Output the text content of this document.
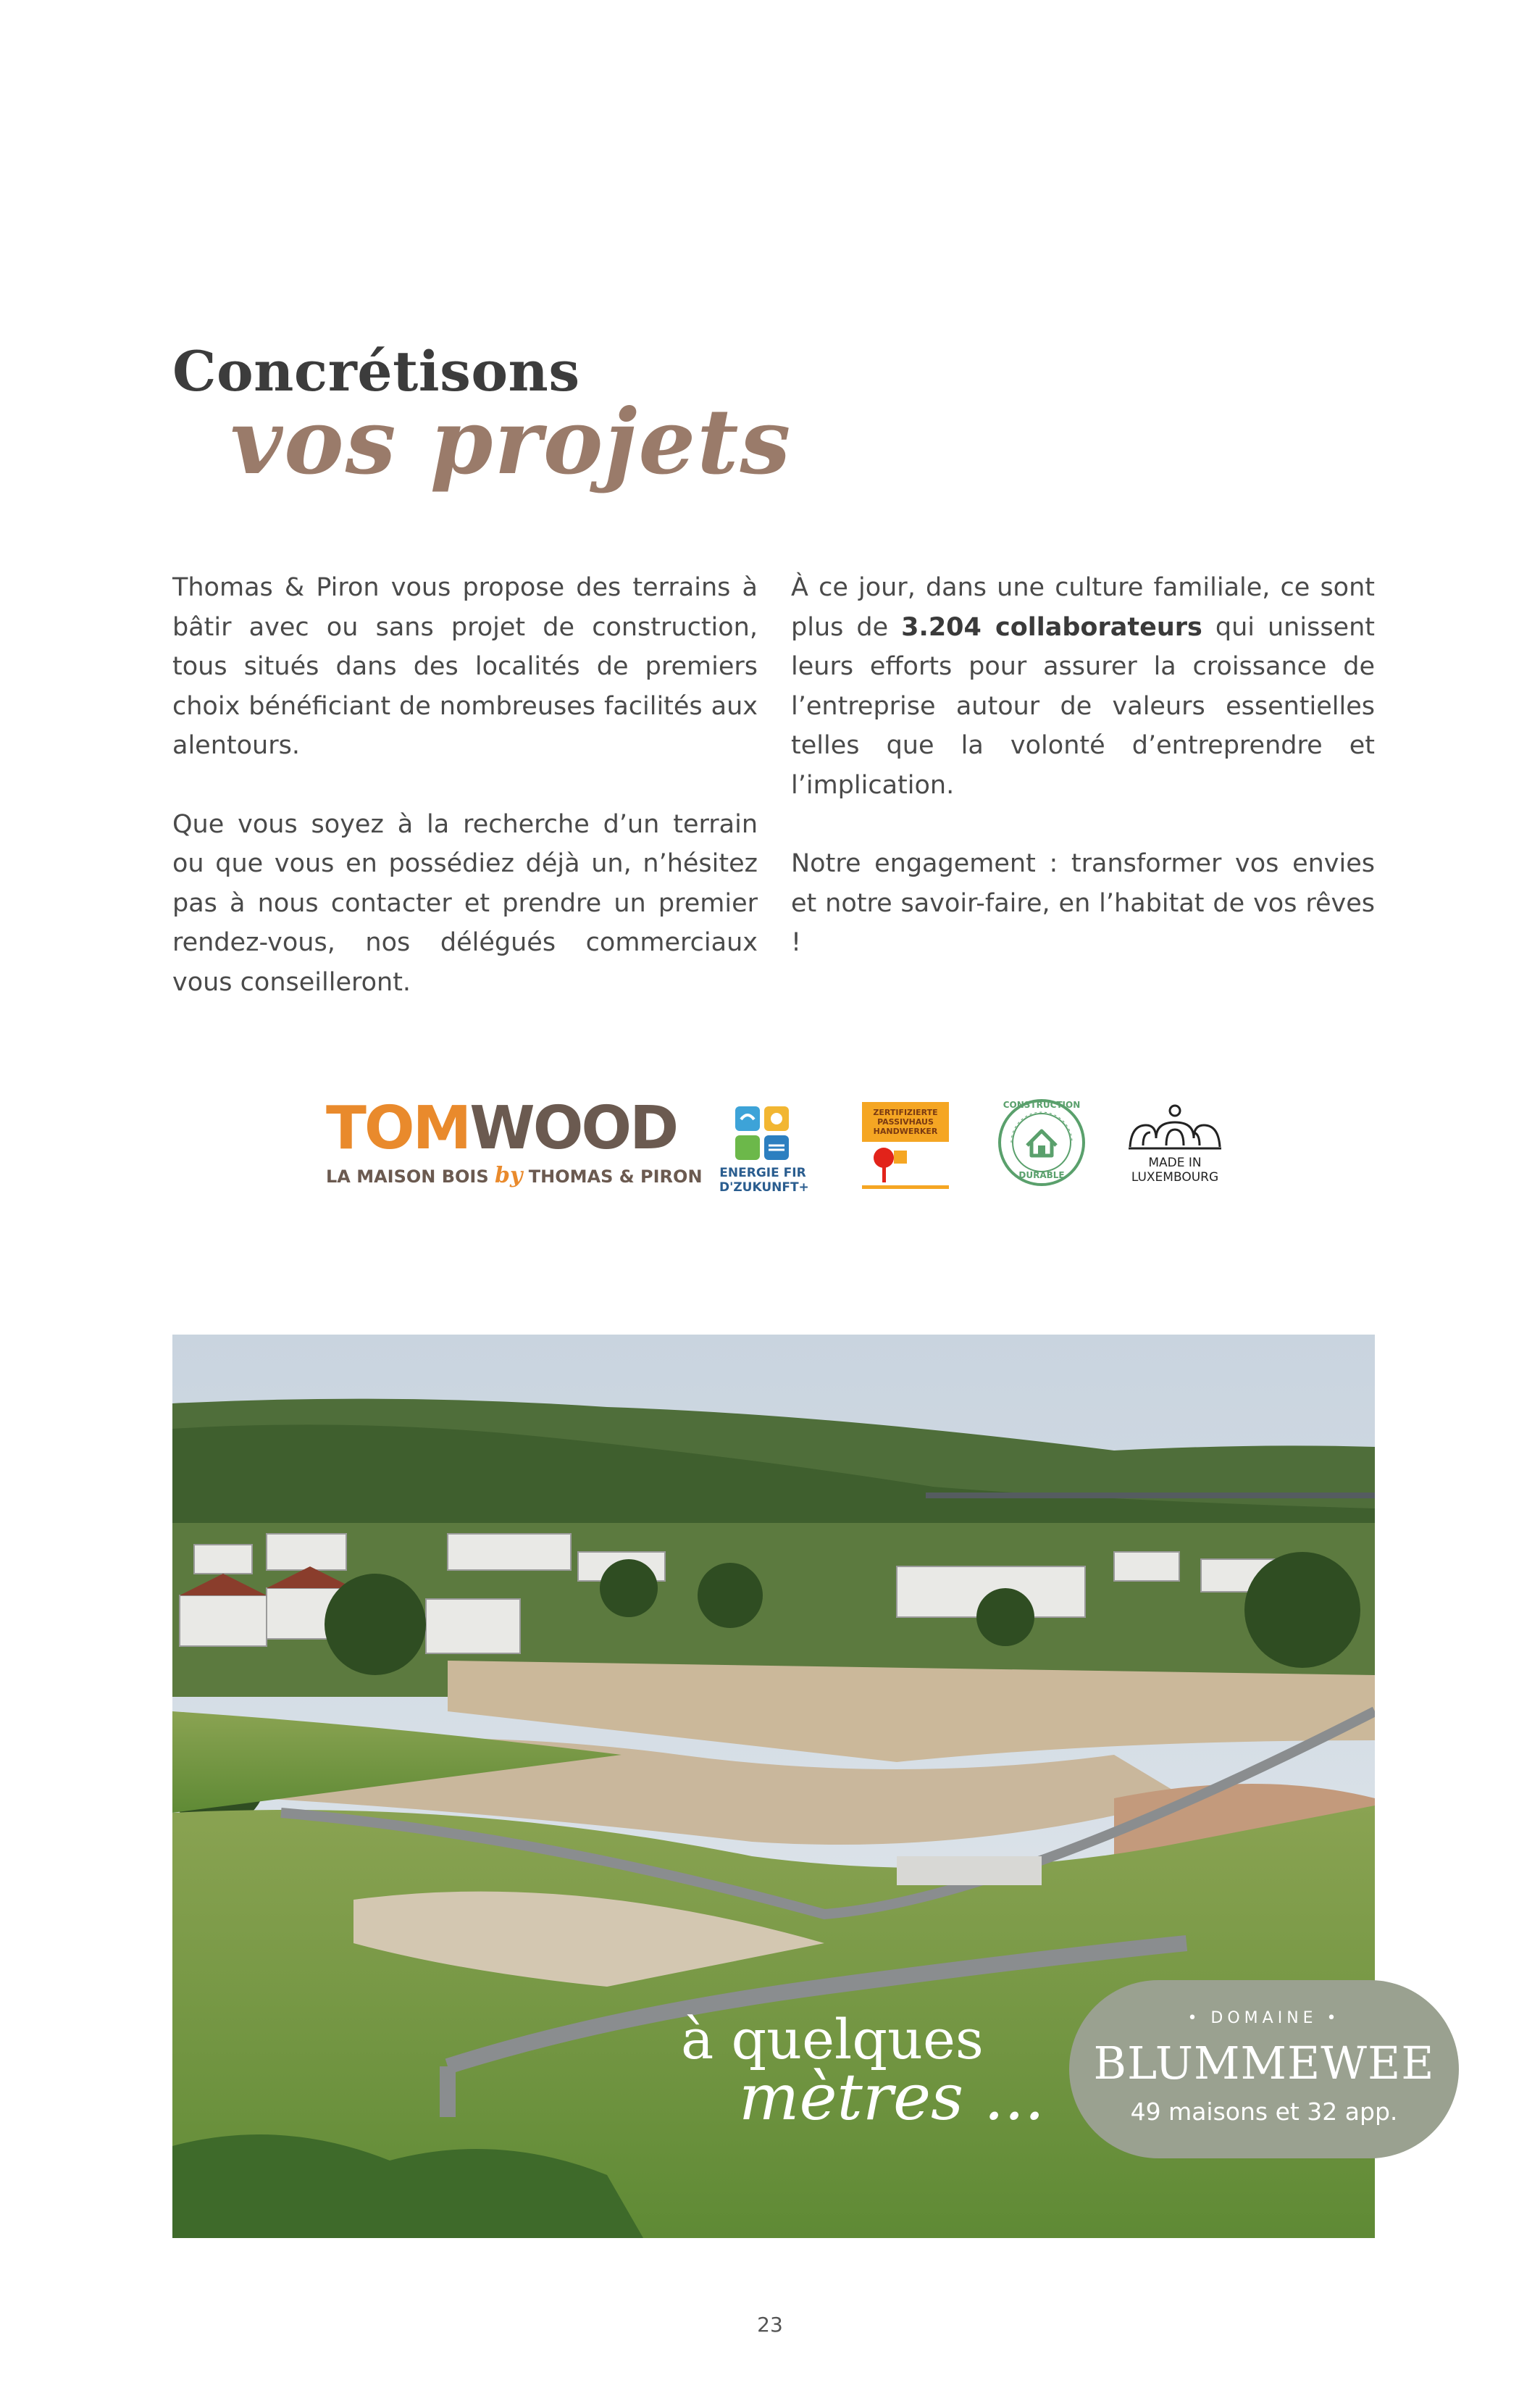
Concrétisons
vos projets

Thomas & Piron vous propose des terrains à bâtir avec ou sans projet de construction, tous situés dans des localités de premiers choix bénéficiant de nombreuses facilités aux alentours.

Que vous soyez à la recherche d’un terrain ou que vous en possédiez déjà un, n’hésitez pas à nous contacter et prendre un premier rendez-vous, nos délégués commerciaux vous conseilleront.

À ce jour, dans une culture familiale, ce sont plus de 3.204 collaborateurs qui unissent leurs efforts pour assurer la croissance de l’entreprise autour de valeurs essentielles telles que la volonté d’entreprendre et l’implication.

Notre engagement : transformer vos envies et notre savoir-faire, en l’habitat de vos rêves !

TOMWOOD
LA MAISON BOIS by THOMAS & PIRON ENERGIE FIR
D'ZUKUNFT+
ZERTIFIZIERTE
PASSIVHAUS
HANDWERKER
CONSTRUCTION
DURABLE
MADE IN
LUXEMBOURG
à quelques
mètres ...
• DOMAINE •
BLUMMEWEE
49 maisons et 32 app.
23
